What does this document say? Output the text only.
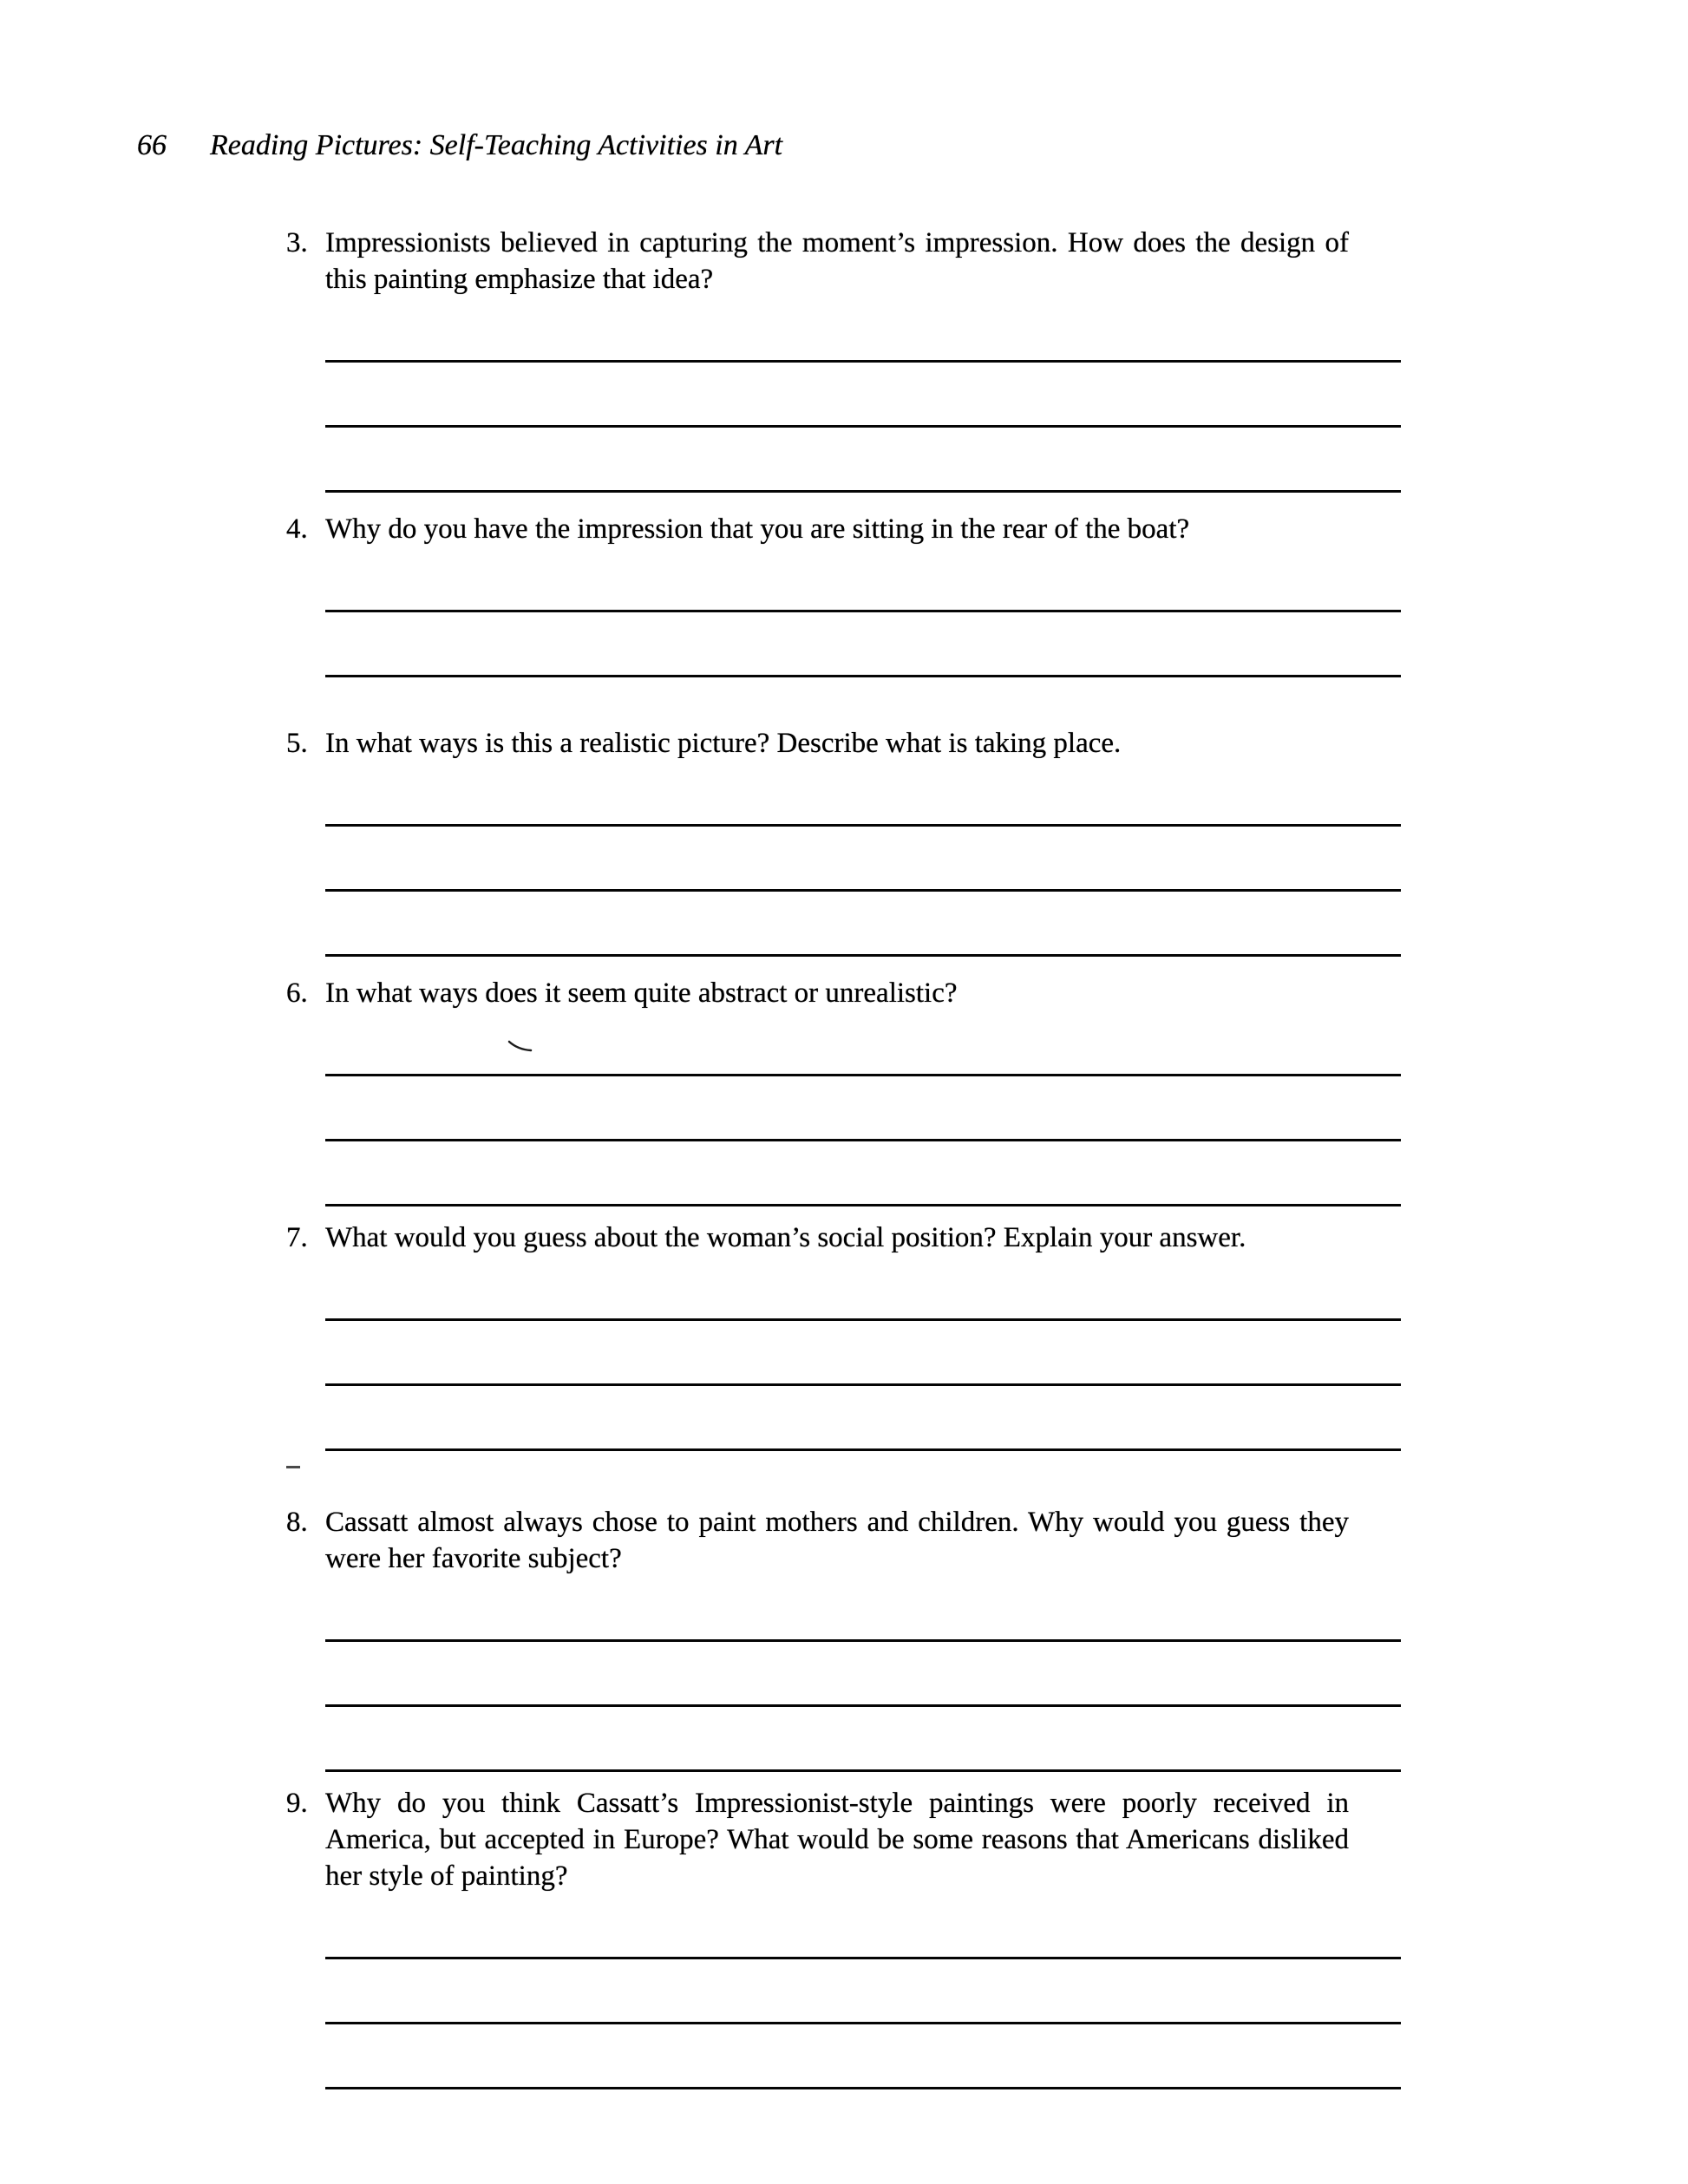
66 Reading Pictures: Self-Teaching Activities in Art
3. Impressionists believed in capturing the moment’s impression. How does the design of this painting emphasize that idea?

4. Why do you have the impression that you are sitting in the rear of the boat?

5. In what ways is this a realistic picture? Describe what is taking place.

6. In what ways does it seem quite abstract or unrealistic?

7. What would you guess about the woman’s social position? Explain your answer.

8. Cassatt almost always chose to paint mothers and children. Why would you guess they were her favorite subject?

9. Why do you think Cassatt’s Impressionist-style paintings were poorly received in America, but accepted in Europe? What would be some reasons that Americans disliked her style of painting?
